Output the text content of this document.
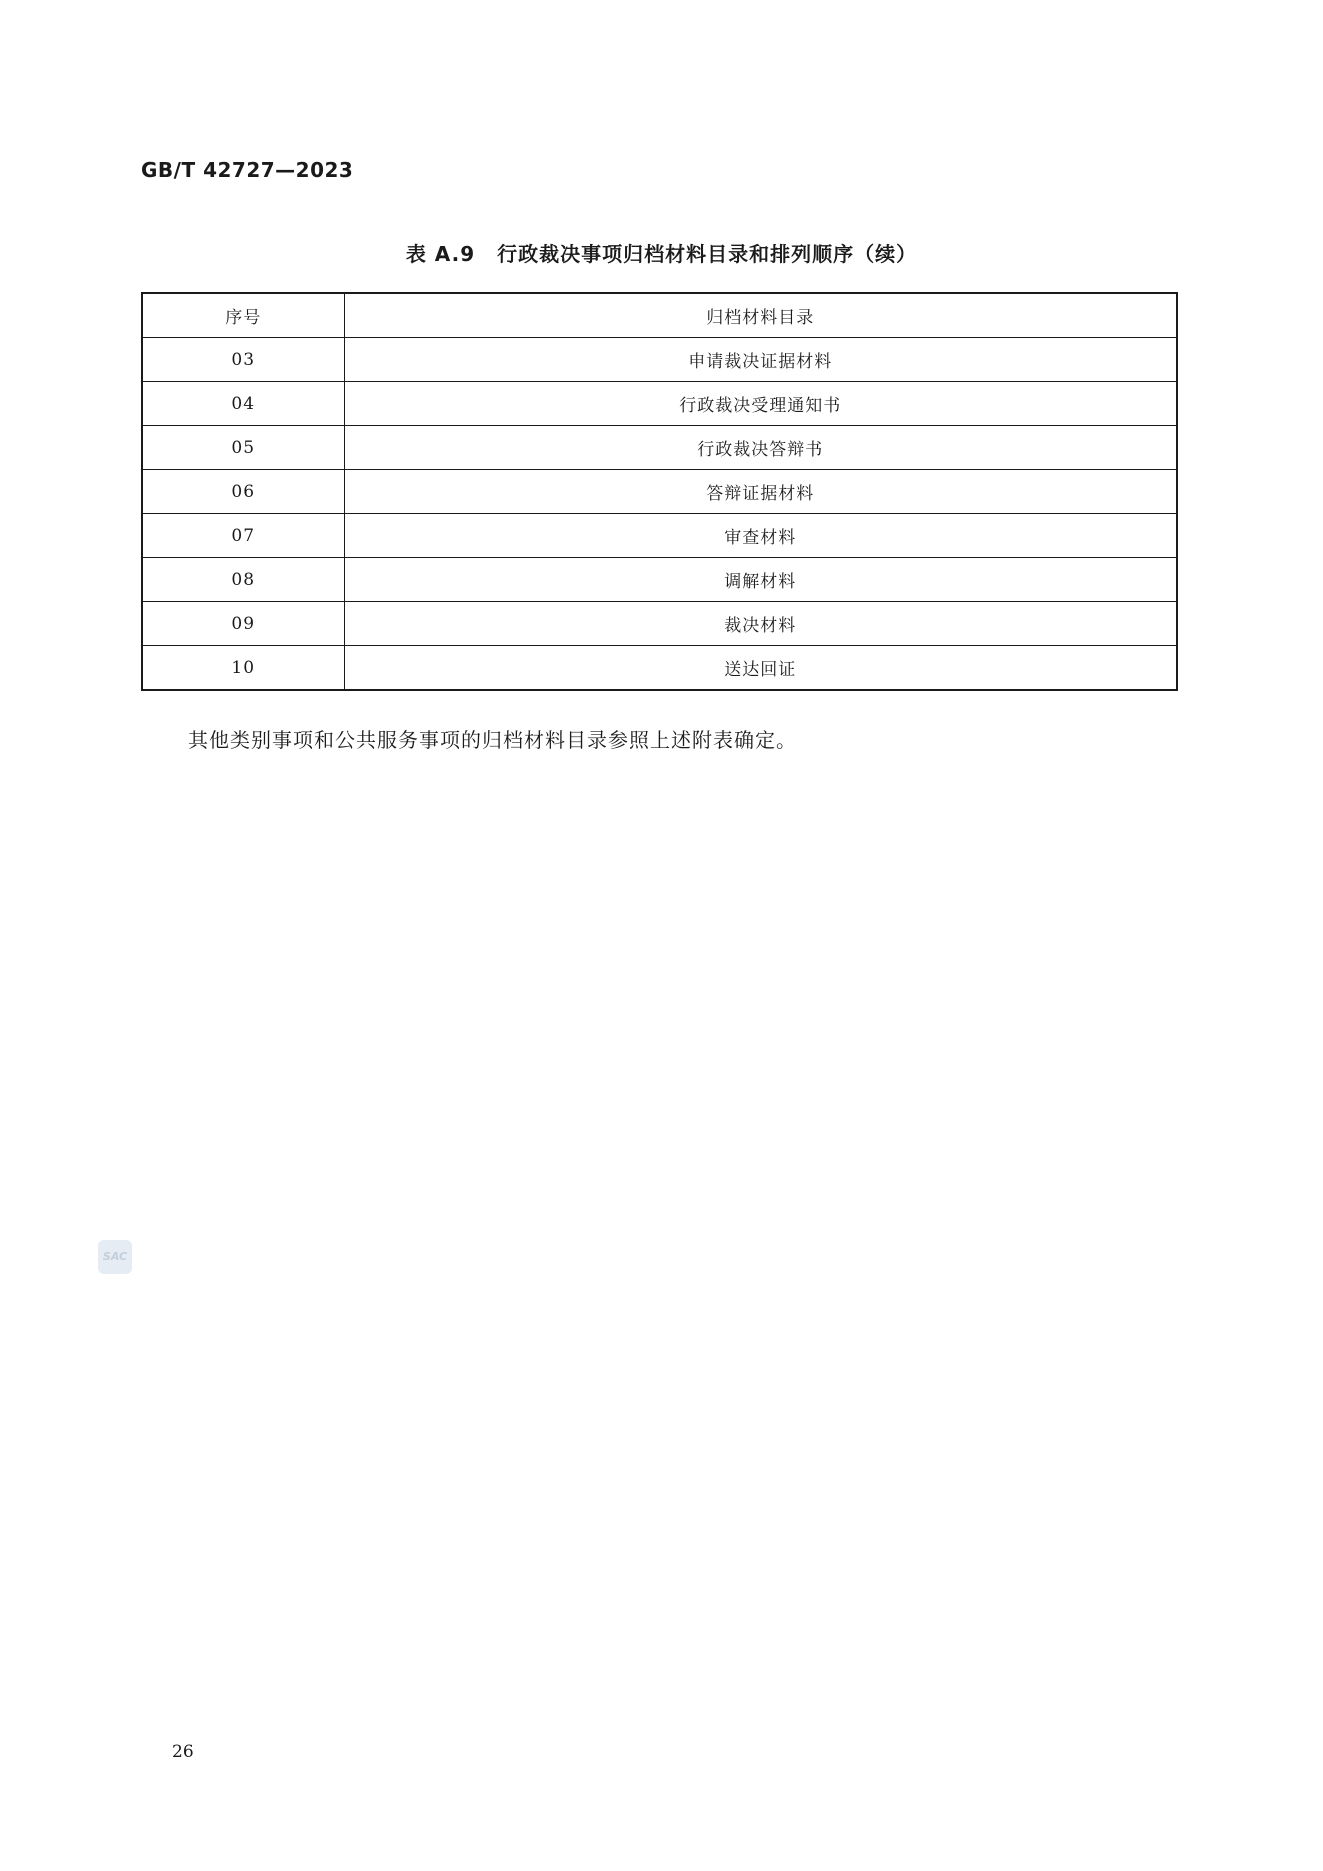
GB/T 42727—2023
表 A.9 行政裁决事项归档材料目录和排列顺序（续）
序号	归档材料目录
03	申请裁决证据材料
04	行政裁决受理通知书
05	行政裁决答辩书
06	答辩证据材料
07	审查材料
08	调解材料
09	裁决材料
10	送达回证
其他类别事项和公共服务事项的归档材料目录参照上述附表确定。
SAC
26
